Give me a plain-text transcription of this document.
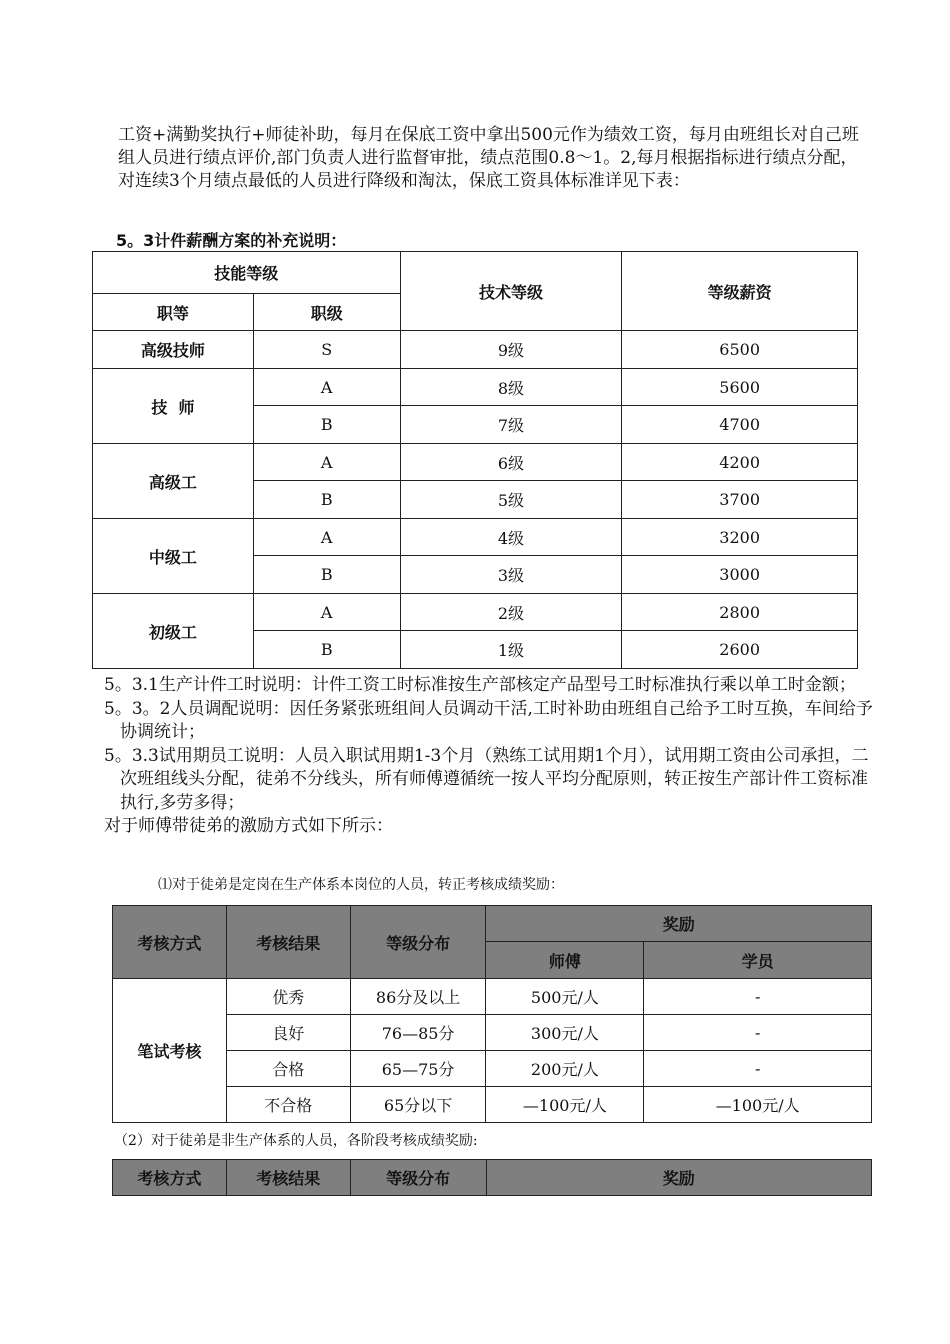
工资+满勤奖执行+师徒补助，每月在保底工资中拿出500元作为绩效工资，每月由班组长对自己班组人员进行绩点评价,部门负责人进行监督审批，绩点范围0.8～1。2,每月根据指标进行绩点分配，对连续3个月绩点最低的人员进行降级和淘汰，保底工资具体标准详见下表：
5。3计件薪酬方案的补充说明：
技能等级		技术等级	等级薪资
职等	职级		
高级技师	S	9级	6500
技  师	A	8级	5600
	B	7级	4700
高级工	A	6级	4200
	B	5级	3700
中级工	A	4级	3200
	B	3级	3000
初级工	A	2级	2800
	B	1级	2600

5。3.1生产计件工时说明：计件工资工时标准按生产部核定产品型号工时标准执行乘以单工时金额；

5。3。2人员调配说明：因任务紧张班组间人员调动干活,工时补助由班组自己给予工时互换，车间给予协调统计；

5。3.3试用期员工说明：人员入职试用期1-3个月（熟练工试用期1个月），试用期工资由公司承担，二次班组线头分配，徒弟不分线头，所有师傅遵循统一按人平均分配原则，转正按生产部计件工资标准执行,多劳多得；

对于师傅带徒弟的激励方式如下所示：

⑴对于徒弟是定岗在生产体系本岗位的人员，转正考核成绩奖励：
考核方式	考核结果	等级分布	奖励	
			师傅	学员
笔试考核	优秀	86分及以上	500元/人	-
	良好	76—85分	300元/人	-
	合格	65—75分	200元/人	-
	不合格	65分以下	—100元/人	—100元/人
（2）对于徒弟是非生产体系的人员，各阶段考核成绩奖励:
考核方式	考核结果	等级分布	奖励
